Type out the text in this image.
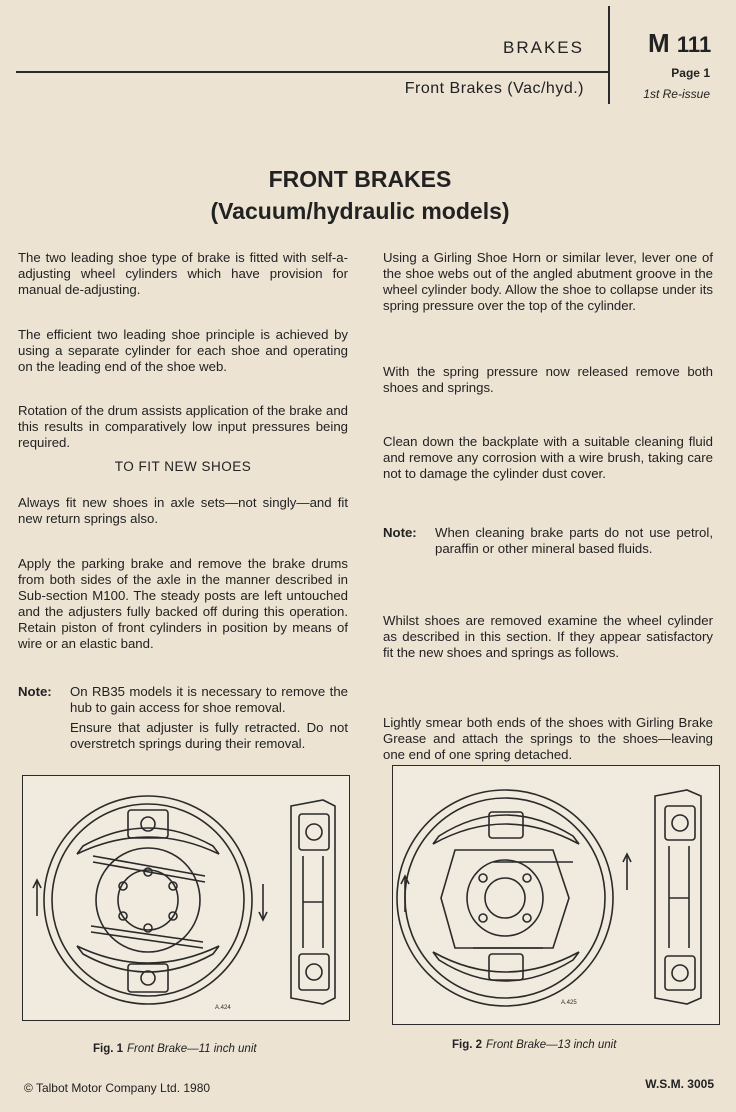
BRAKES
Front Brakes (Vac/hyd.)
M 111
Page 1
1st Re-issue
FRONT BRAKES
(Vacuum/hydraulic models)

The two leading shoe type of brake is fitted with self-a-adjusting wheel cylinders which have provision for manual de-adjusting.

The efficient two leading shoe principle is achieved by using a separate cylinder for each shoe and operating on the leading end of the shoe web.

Rotation of the drum assists application of the brake and this results in comparatively low input pressures being required.

TO FIT NEW SHOES

Always fit new shoes in axle sets—not singly—and fit new return springs also.

Apply the parking brake and remove the brake drums from both sides of the axle in the manner described in Sub-section M100. The steady posts are left untouched and the adjusters fully backed off during this operation. Retain piston of front cylinders in position by means of wire or an elastic band.

Note:	On RB35 models it is necessary to remove the hub to gain access for shoe removal.

Ensure that adjuster is fully retracted. Do not overstretch springs during their removal.

Using a Girling Shoe Horn or similar lever, lever one of the shoe webs out of the angled abutment groove in the wheel cylinder body. Allow the shoe to collapse under its spring pressure over the top of the cylinder.

With the spring pressure now released remove both shoes and springs.

Clean down the backplate with a suitable cleaning fluid and remove any corrosion with a wire brush, taking care not to damage the cylinder dust cover.

Note:	When cleaning brake parts do not use petrol, paraffin or other mineral based fluids.

Whilst shoes are removed examine the wheel cylinder as described in this section. If they appear satisfactory fit the new shoes and springs as follows.

Lightly smear both ends of the shoes with Girling Brake Grease and attach the springs to the shoes—leaving one end of one spring detached.

A.424
Fig. 1 Front Brake—11 inch unit
A.425
Fig. 2 Front Brake—13 inch unit
© Talbot Motor Company Ltd. 1980	W.S.M. 3005
